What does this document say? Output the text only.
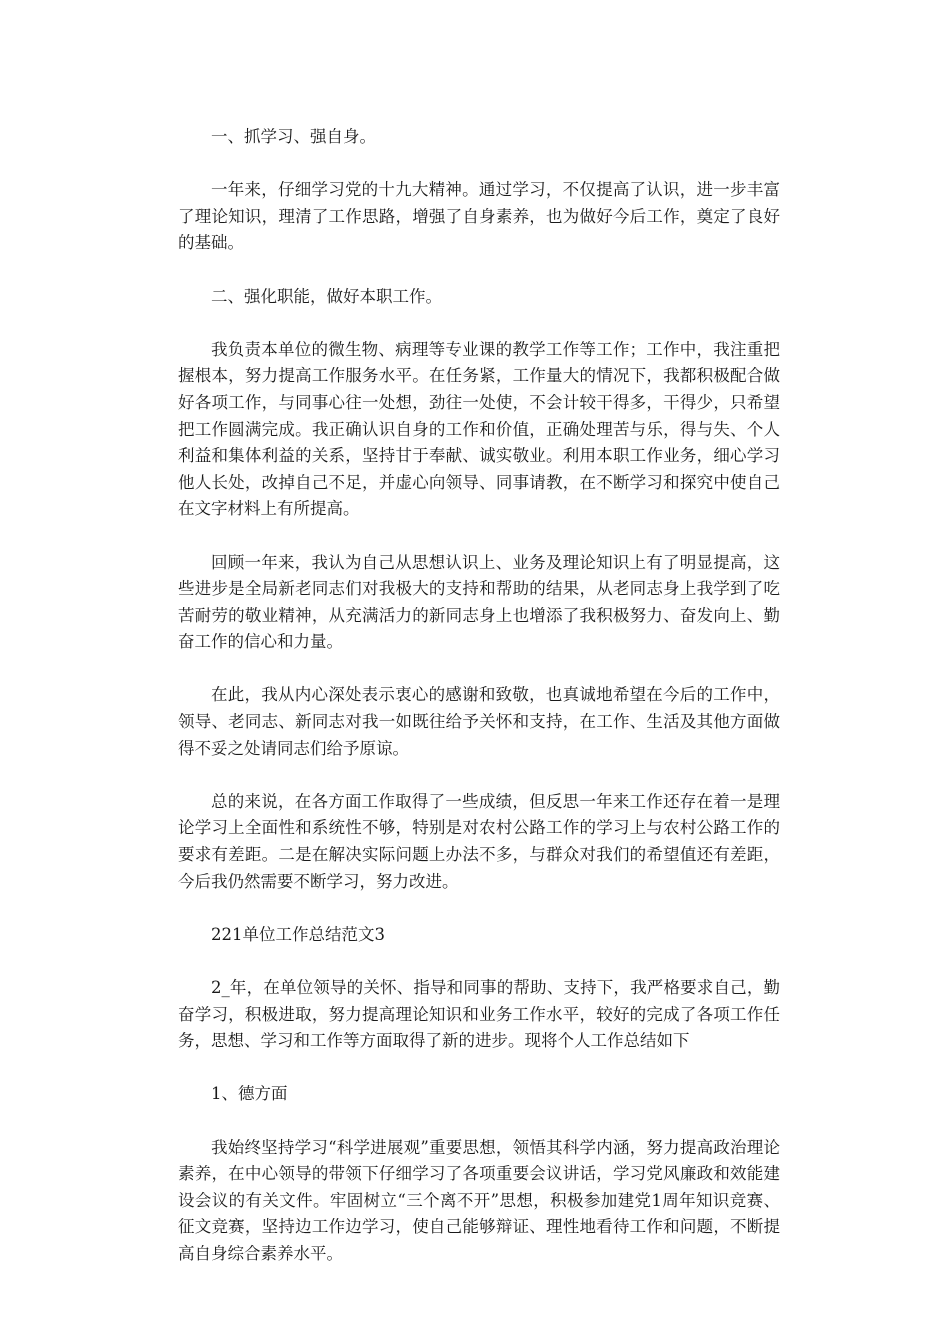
一、抓学习、强自身。

一年来，仔细学习党的十九大精神。通过学习，不仅提高了认识，进一步丰富了理论知识，理清了工作思路，增强了自身素养，也为做好今后工作，奠定了良好的基础。

二、强化职能，做好本职工作。

我负责本单位的微生物、病理等专业课的教学工作等工作；工作中，我注重把握根本，努力提高工作服务水平。在任务紧，工作量大的情况下，我都积极配合做好各项工作，与同事心往一处想，劲往一处使，不会计较干得多，干得少，只希望把工作圆满完成。我正确认识自身的工作和价值，正确处理苦与乐，得与失、个人利益和集体利益的关系，坚持甘于奉献、诚实敬业。利用本职工作业务，细心学习他人长处，改掉自己不足，并虚心向领导、同事请教，在不断学习和探究中使自己在文字材料上有所提高。

回顾一年来，我认为自己从思想认识上、业务及理论知识上有了明显提高，这些进步是全局新老同志们对我极大的支持和帮助的结果，从老同志身上我学到了吃苦耐劳的敬业精神，从充满活力的新同志身上也增添了我积极努力、奋发向上、勤奋工作的信心和力量。

在此，我从内心深处表示衷心的感谢和致敬，也真诚地希望在今后的工作中，领导、老同志、新同志对我一如既往给予关怀和支持，在工作、生活及其他方面做得不妥之处请同志们给予原谅。

总的来说，在各方面工作取得了一些成绩，但反思一年来工作还存在着一是理论学习上全面性和系统性不够，特别是对农村公路工作的学习上与农村公路工作的要求有差距。二是在解决实际问题上办法不多，与群众对我们的希望值还有差距，今后我仍然需要不断学习，努力改进。

221单位工作总结范文3

2_年，在单位领导的关怀、指导和同事的帮助、支持下，我严格要求自己，勤奋学习，积极进取，努力提高理论知识和业务工作水平，较好的完成了各项工作任务，思想、学习和工作等方面取得了新的进步。现将个人工作总结如下

1、德方面

我始终坚持学习“科学进展观”重要思想，领悟其科学内涵，努力提高政治理论素养，在中心领导的带领下仔细学习了各项重要会议讲话，学习党风廉政和效能建设会议的有关文件。牢固树立“三个离不开”思想，积极参加建党1周年知识竞赛、征文竞赛，坚持边工作边学习，使自己能够辩证、理性地看待工作和问题，不断提高自身综合素养水平。
